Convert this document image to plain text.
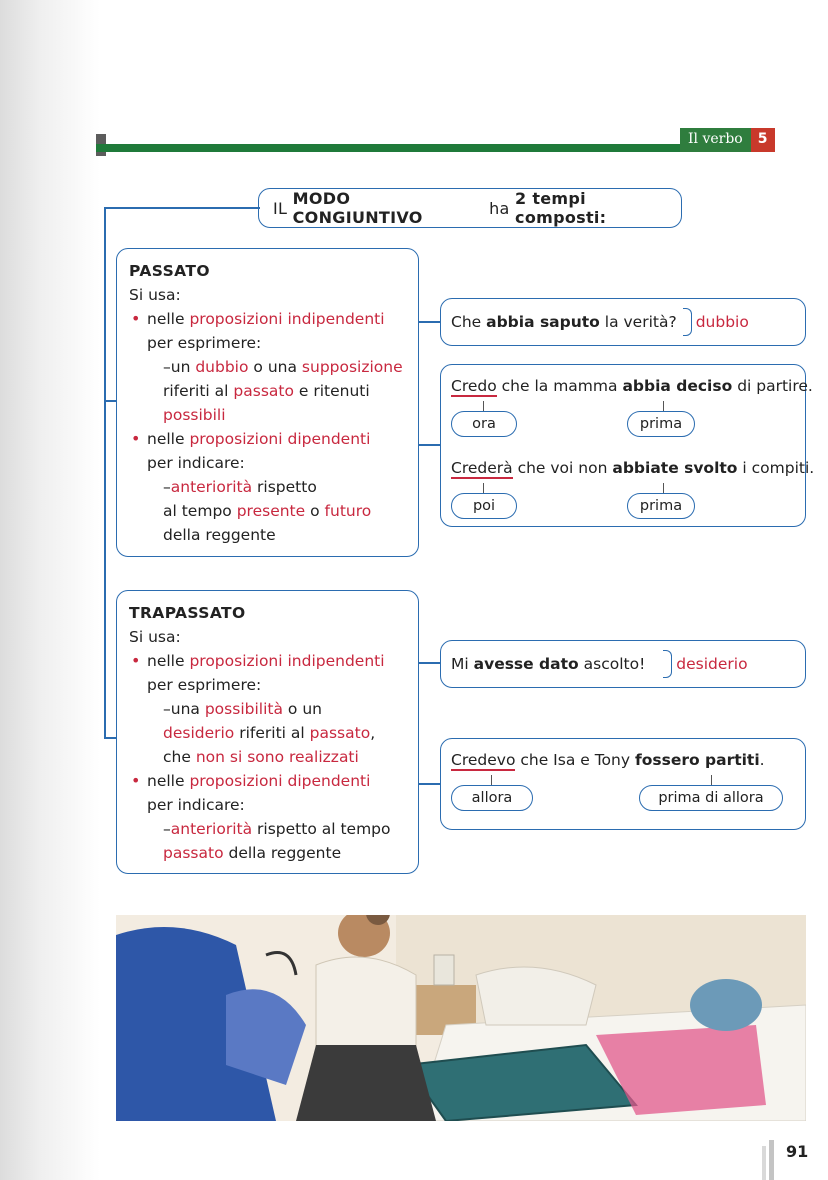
Il verbo	5
IL
MODO CONGIUNTIVO
	ha
2 tempi composti:
PASSATO
Si usa:
• nelle proposizioni indipendenti
per esprimere:
–un dubbio o una supposizione
riferiti al passato e ritenuti
possibili
• nelle proposizioni dipendenti
per indicare:
–anteriorità rispetto
al tempo presente o futuro
della reggente
Che
abbia saputo
la verità? dubbio
Credo che la mamma abbia deciso di partire.
ora	prima
Crederà che voi non abbiate svolto i compiti.
poi	prima
TRAPASSATO
Si usa:
• nelle proposizioni indipendenti
per esprimere:
–una possibilità o un
desiderio riferiti al passato,
che non si sono realizzati
• nelle proposizioni dipendenti
per indicare:
–anteriorità rispetto al tempo
passato della reggente
Mi
avesse dato
ascolto! desiderio
Credevo che Isa e Tony fossero partiti.
allora	prima di allora
91
